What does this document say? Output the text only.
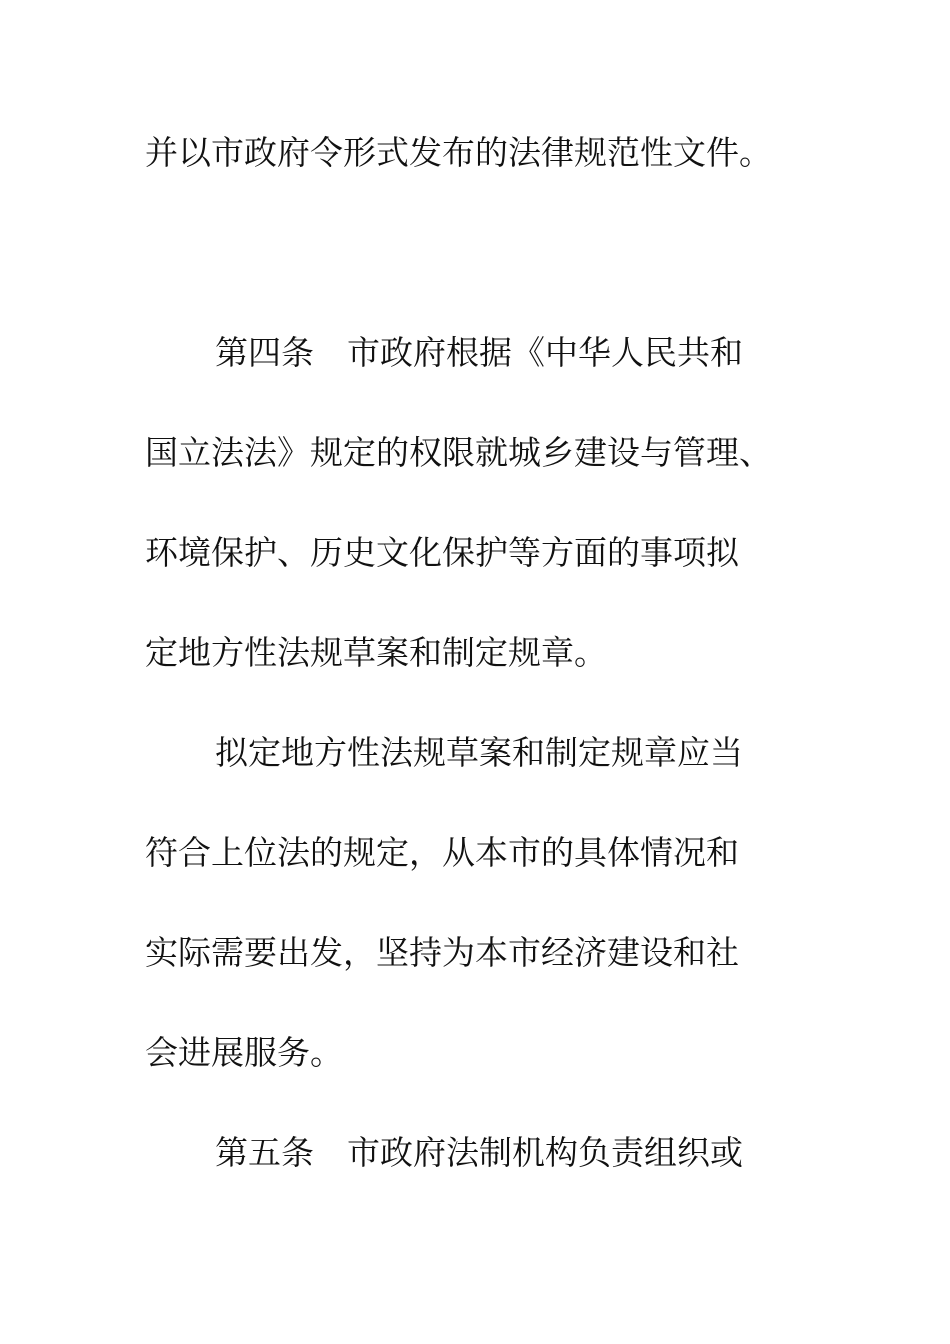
并以市政府令形式发布的法律规范性文件。
第四条　市政府根据《中华人民共和
国立法法》规定的权限就城乡建设与管理、
环境保护、历史文化保护等方面的事项拟
定地方性法规草案和制定规章。
拟定地方性法规草案和制定规章应当
符合上位法的规定，从本市的具体情况和
实际需要出发，坚持为本市经济建设和社
会进展服务。
第五条　市政府法制机构负责组织或
